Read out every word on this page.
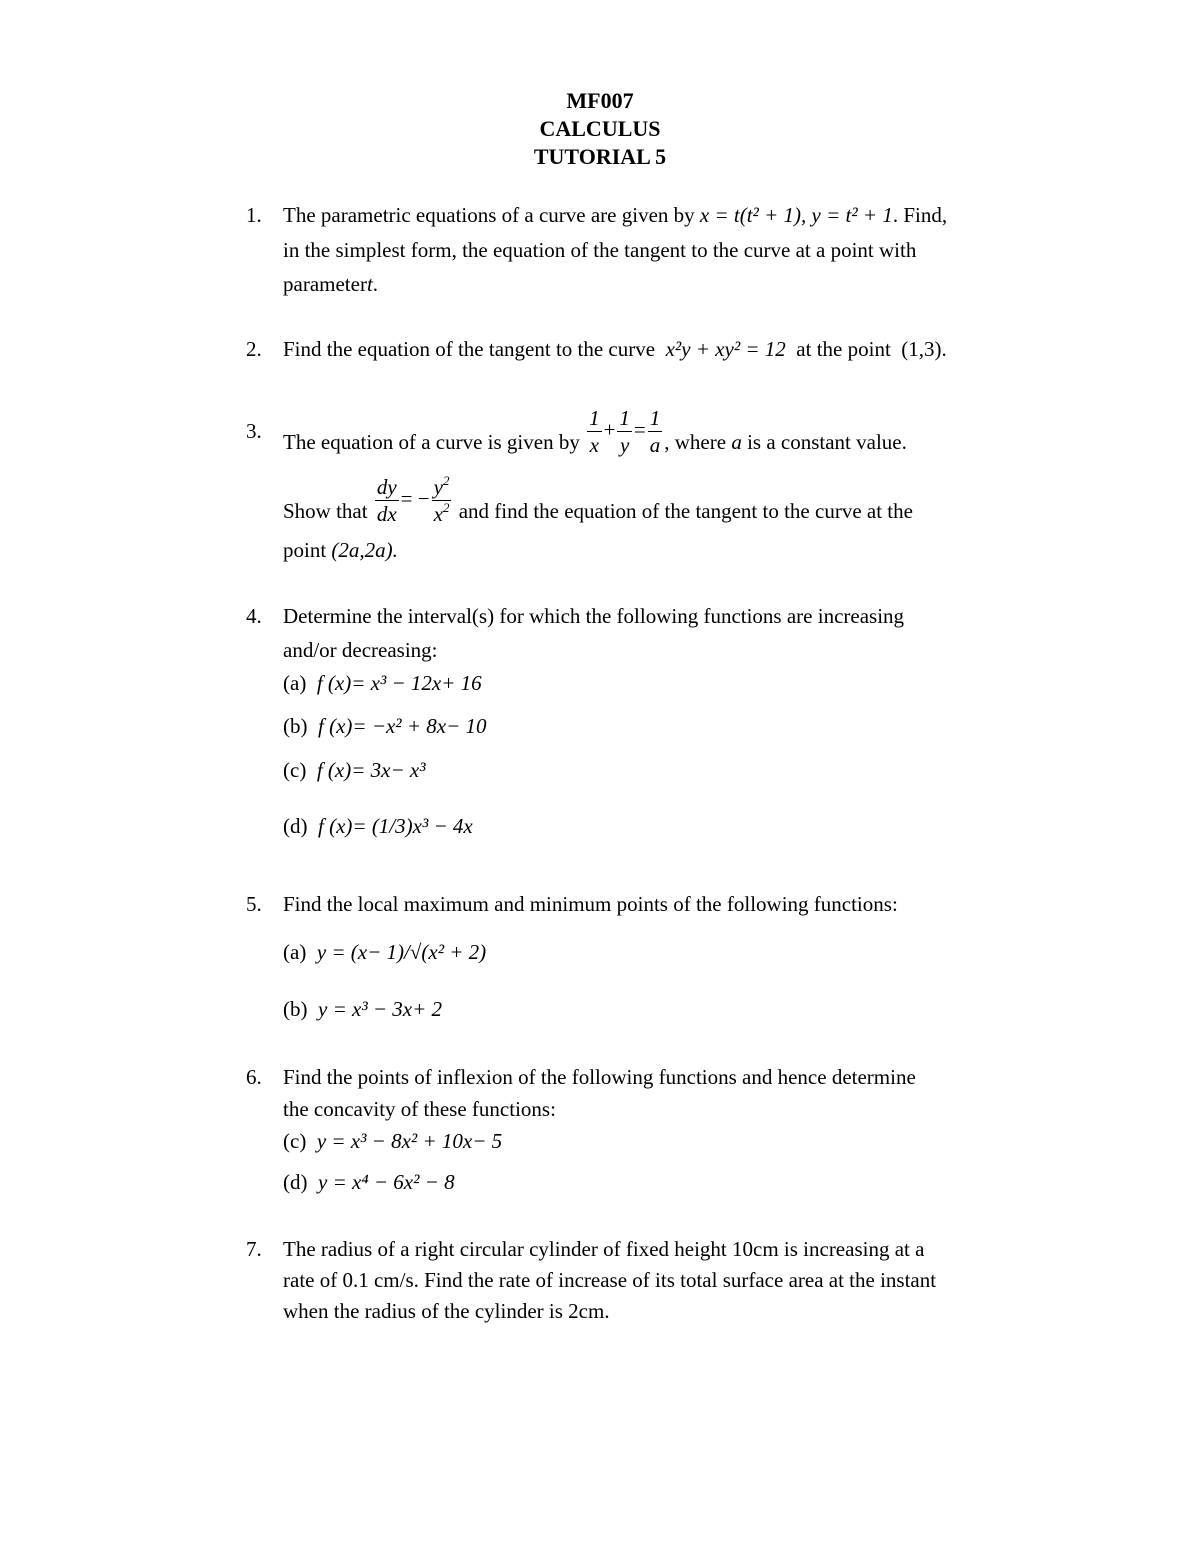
MF007
CALCULUS
TUTORIAL 5
1. The parametric equations of a curve are given by x = t(t² + 1), y = t² + 1. Find,
in the simplest form, the equation of the tangent to the curve at a point with
parametert.
2. Find the equation of the tangent to the curve x²y + xy² = 12 at the point (1,3).
3. The equation of a curve is given by $\frac{1}{x} + \frac{1}{y} = \frac{1}{a}$ , where a is a constant value.
Show that $\frac{dy}{dx}$ = − $\frac{y^2}{x^2}$ and find the equation of the tangent to the curve at the
point (2a,2a).
4. Determine the interval(s) for which the following functions are increasing
and/or decreasing:
(a) f (x)= x³ − 12x+ 16
(b) f (x)= −x² + 8x− 10
(c) f (x)= 3x− x³
(d) f (x)= (1/3)x³ − 4x
5. Find the local maximum and minimum points of the following functions:
(a) y = (x− 1)/√(x² + 2)
(b) y = x³ − 3x+ 2
6. Find the points of inflexion of the following functions and hence determine
the concavity of these functions:
(c) y = x³ − 8x² + 10x− 5
(d) y = x⁴ − 6x² − 8
7. The radius of a right circular cylinder of fixed height 10cm is increasing at a
rate of 0.1 cm/s. Find the rate of increase of its total surface area at the instant
when the radius of the cylinder is 2cm.
